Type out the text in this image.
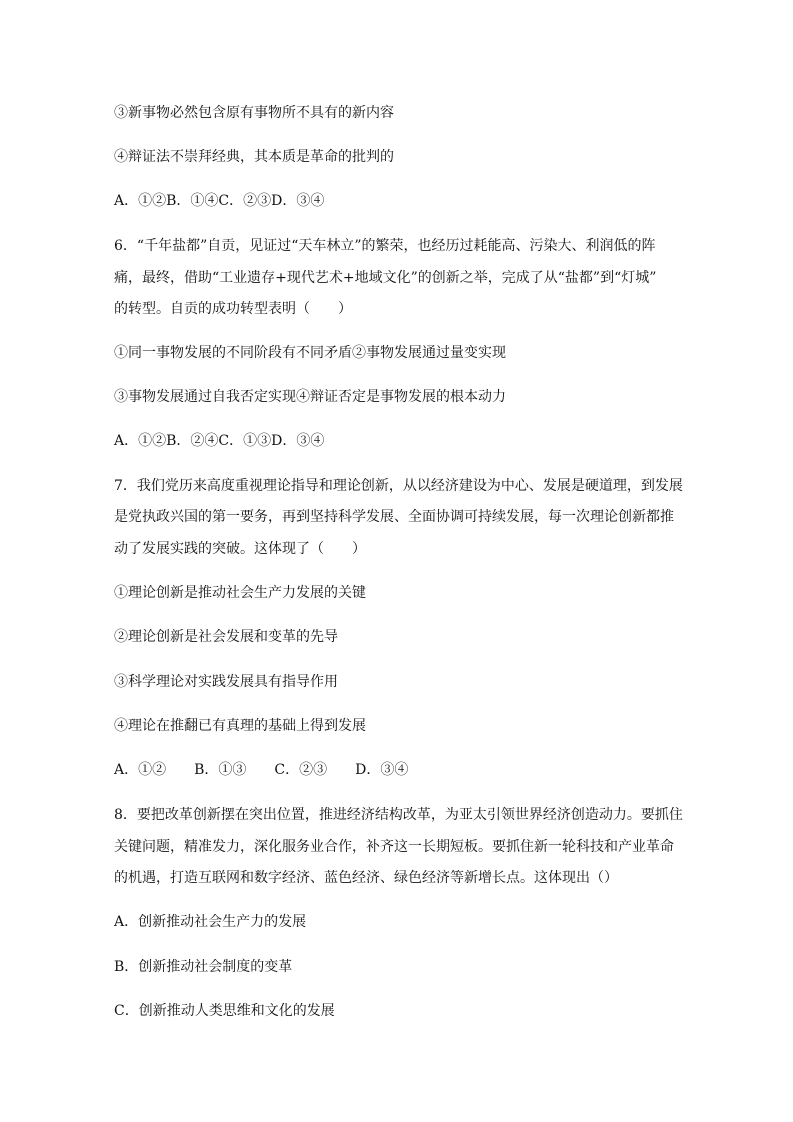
③新事物必然包含原有事物所不具有的新内容
④辩证法不崇拜经典，其本质是革命的批判的
A．①②B．①④C．②③D．③④
6．“千年盐都”自贡，见证过“天车林立”的繁荣，也经历过耗能高、污染大、利润低的阵
痛，最终，借助“工业遗存+现代艺术+地域文化”的创新之举，完成了从“盐都”到“灯城”
的转型。自贡的成功转型表明（　　）
①同一事物发展的不同阶段有不同矛盾②事物发展通过量变实现
③事物发展通过自我否定实现④辩证否定是事物发展的根本动力
A．①②B．②④C．①③D．③④
7．我们党历来高度重视理论指导和理论创新，从以经济建设为中心、发展是硬道理，到发展
是党执政兴国的第一要务，再到坚持科学发展、全面协调可持续发展，每一次理论创新都推
动了发展实践的突破。这体现了（　　）
①理论创新是推动社会生产力发展的关键
②理论创新是社会发展和变革的先导
③科学理论对实践发展具有指导作用
④理论在推翻已有真理的基础上得到发展
A．①② B．①③ C．②③ D．③④
8．要把改革创新摆在突出位置，推进经济结构改革，为亚太引领世界经济创造动力。要抓住
关键问题，精准发力，深化服务业合作，补齐这一长期短板。要抓住新一轮科技和产业革命
的机遇，打造互联网和数字经济、蓝色经济、绿色经济等新增长点。这体现出（）
A．创新推动社会生产力的发展
B．创新推动社会制度的变革
C．创新推动人类思维和文化的发展
